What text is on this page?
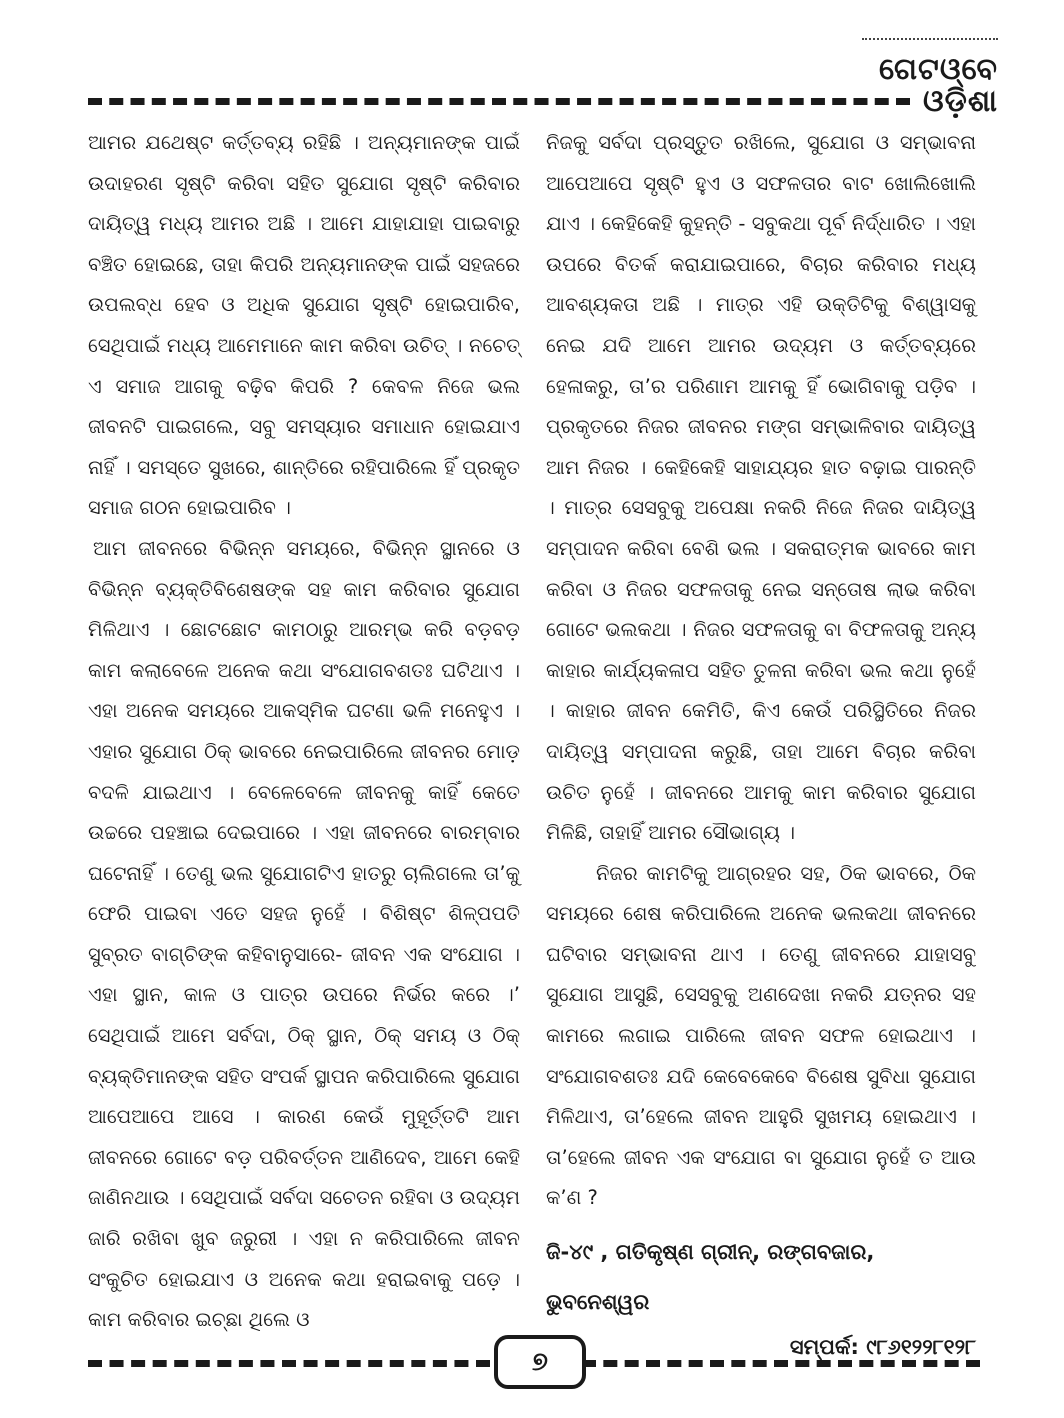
ଗେଟଓ୍ବେ
ଓଡ଼ିଶା

ଆମର ଯଥେଷ୍ଟ କର୍ତ୍ତବ୍ୟ ରହିଛି । ଅନ୍ୟମାନଙ୍କ ପାଇଁ ଉଦାହରଣ ସୃଷ୍ଟି କରିବା ସହିତ ସୁଯୋଗ ସୃଷ୍ଟି କରିବାର ଦାୟିତ୍ୱ ମଧ୍ୟ ଆମର ଅଛି । ଆମେ ଯାହାଯାହା ପାଇବାରୁ ବଞ୍ଚିତ ହୋଇଛେ, ତାହା କିପରି ଅନ୍ୟମାନଙ୍କ ପାଇଁ ସହଜରେ ଉପଲବ୍ଧ ହେବ ଓ ଅଧିକ ସୁଯୋଗ ସୃଷ୍ଟି ହୋଇପାରିବ, ସେଥିପାଇଁ ମଧ୍ୟ ଆମେମାନେ କାମ କରିବା ଉଚିତ୍ । ନଚେତ୍ ଏ ସମାଜ ଆଗକୁ ବଢ଼ିବ କିପରି ? କେବଳ ନିଜେ ଭଲ ଜୀବନଟି ପାଇଗଲେ, ସବୁ ସମସ୍ୟାର ସମାଧାନ ହୋଇଯାଏ ନାହିଁ । ସମସ୍ତେ ସୁଖରେ, ଶାନ୍ତିରେ ରହିପାରିଲେ ହିଁ ପ୍ରକୃତ ସମାଜ ଗଠନ ହୋଇପାରିବ ।

ଆମ ଜୀବନରେ ବିଭିନ୍ନ ସମୟରେ, ବିଭିନ୍ନ ସ୍ଥାନରେ ଓ ବିଭିନ୍ନ ବ୍ୟକ୍ତିବିଶେଷଙ୍କ ସହ କାମ କରିବାର ସୁଯୋଗ ମିଳିଥାଏ । ଛୋଟଛୋଟ କାମଠାରୁ ଆରମ୍ଭ କରି ବଡ଼ବଡ଼ କାମ କଲାବେଳେ ଅନେକ କଥା ସଂଯୋଗବଶତଃ ଘଟିଥାଏ । ଏହା ଅନେକ ସମୟରେ ଆକସ୍ମିକ ଘଟଣା ଭଳି ମନେହୁଏ । ଏହାର ସୁଯୋଗ ଠିକ୍ ଭାବରେ ନେଇପାରିଲେ ଜୀବନର ମୋଡ଼ ବଦଳି ଯାଇଥାଏ । ବେଳେବେଳେ ଜୀବନକୁ କାହିଁ କେତେ ଉଚ୍ଚରେ ପହଞ୍ଚାଇ ଦେଇପାରେ । ଏହା ଜୀବନରେ ବାରମ୍ବାର ଘଟେନାହିଁ । ତେଣୁ ଭଲ ସୁଯୋଗଟିଏ ହାତରୁ ଚାଲିଗଲେ ତା’କୁ ଫେରି ପାଇବା ଏତେ ସହଜ ନୁହେଁ । ବିଶିଷ୍ଟ ଶିଳ୍ପପତି ସୁବ୍ରତ ବାଗ୍‌ଚିଙ୍କ କହିବାନୁସାରେ- ଜୀବନ ଏକ ସଂଯୋଗ । ଏହା ସ୍ଥାନ, କାଳ ଓ ପାତ୍ର ଉପରେ ନିର୍ଭର କରେ ।’ ସେଥିପାଇଁ ଆମେ ସର୍ବଦା, ଠିକ୍ ସ୍ଥାନ, ଠିକ୍ ସମୟ ଓ ଠିକ୍ ବ୍ୟକ୍ତିମାନଙ୍କ ସହିତ ସଂପର୍କ ସ୍ଥାପନ କରିପାରିଲେ ସୁଯୋଗ ଆପେଆପେ ଆସେ । କାରଣ କେଉଁ ମୁହୂର୍ତ୍ତଟି ଆମ ଜୀବନରେ ଗୋଟେ ବଡ଼ ପରିବର୍ତ୍ତନ ଆଣିଦେବ, ଆମେ କେହି ଜାଣିନଥାଉ । ସେଥିପାଇଁ ସର୍ବଦା ସଚେତନ ରହିବା ଓ ଉଦ୍ୟମ ଜାରି ରଖିବା ଖୁବ ଜରୁରୀ । ଏହା ନ କରିପାରିଲେ ଜୀବନ ସଂକୁଚିତ ହୋଇଯାଏ ଓ ଅନେକ କଥା ହରାଇବାକୁ ପଡ଼େ । କାମ କରିବାର ଇଚ୍ଛା ଥିଲେ ଓ

ନିଜକୁ ସର୍ବଦା ପ୍ରସ୍ତୁତ ରଖିଲେ, ସୁଯୋଗ ଓ ସମ୍ଭାବନା ଆପେଆପେ ସୃଷ୍ଟି ହୁଏ ଓ ସଫଳତାର ବାଟ ଖୋଲିଖୋଲି ଯାଏ । କେହିକେହି କୁହନ୍ତି - ସବୁକଥା ପୂର୍ବ ନିର୍ଦ୍ଧାରିତ । ଏହା ଉପରେ ବିତର୍କ କରାଯାଇପାରେ, ବିଚାର କରିବାର ମଧ୍ୟ ଆବଶ୍ୟକତା ଅଛି । ମାତ୍ର ଏହି ଉକ୍ତିଟିକୁ ବିଶ୍ୱାସକୁ ନେଇ ଯଦି ଆମେ ଆମର ଉଦ୍ୟମ ଓ କର୍ତ୍ତବ୍ୟରେ ହେଳାକରୁ, ତା’ର ପରିଣାମ ଆମକୁ ହିଁ ଭୋଗିବାକୁ ପଡ଼ିବ । ପ୍ରକୃତରେ ନିଜର ଜୀବନର ମଙ୍ଗ ସମ୍ଭାଳିବାର ଦାୟିତ୍ୱ ଆମ ନିଜର । କେହିକେହି ସାହାଯ୍ୟର ହାତ ବଢ଼ାଇ ପାରନ୍ତି । ମାତ୍ର ସେସବୁକୁ ଅପେକ୍ଷା ନକରି ନିଜେ ନିଜର ଦାୟିତ୍ୱ ସମ୍ପାଦନ କରିବା ବେଶି ଭଲ । ସକରାତ୍ମକ ଭାବରେ କାମ କରିବା ଓ ନିଜର ସଫଳତାକୁ ନେଇ ସନ୍ତୋଷ ଲାଭ କରିବା ଗୋଟେ ଭଲକଥା । ନିଜର ସଫଳତାକୁ ବା ବିଫଳତାକୁ ଅନ୍ୟ କାହାର କାର୍ଯ୍ୟକଳାପ ସହିତ ତୁଳନା କରିବା ଭଲ କଥା ନୁହେଁ । କାହାର ଜୀବନ କେମିତି, କିଏ କେଉଁ ପରିସ୍ଥିତିରେ ନିଜର ଦାୟିତ୍ୱ ସମ୍ପାଦନା କରୁଛି, ତାହା ଆମେ ବିଚାର କରିବା ଉଚିତ ନୁହେଁ । ଜୀବନରେ ଆମକୁ କାମ କରିବାର ସୁଯୋଗ ମିଳିଛି, ତାହାହିଁ ଆମର ସୌଭାଗ୍ୟ ।

ନିଜର କାମଟିକୁ ଆଗ୍ରହର ସହ, ଠିକ ଭାବରେ, ଠିକ ସମୟରେ ଶେଷ କରିପାରିଲେ ଅନେକ ଭଲକଥା ଜୀବନରେ ଘଟିବାର ସମ୍ଭାବନା ଥାଏ । ତେଣୁ ଜୀବନରେ ଯାହାସବୁ ସୁଯୋଗ ଆସୁଛି, ସେସବୁକୁ ଅଣଦେଖା ନକରି ଯତ୍ନର ସହ କାମରେ ଲଗାଇ ପାରିଲେ ଜୀବନ ସଫଳ ହୋଇଥାଏ । ସଂଯୋଗବଶତଃ ଯଦି କେବେକେବେ ବିଶେଷ ସୁବିଧା ସୁଯୋଗ ମିଳିଥାଏ, ତା’ହେଲେ ଜୀବନ ଆହୁରି ସୁଖମୟ ହୋଇଥାଏ । ତା’ହେଲେ ଜୀବନ ଏକ ସଂଯୋଗ ବା ସୁଯୋଗ ନୁହେଁ ତ ଆଉ କ’ଣ ?

ଜି-୪୯ , ଗତିକୃଷ୍ଣ ଗ୍ରୀନ୍, ରଙ୍ଗବଜାର, ଭୁବନେଶ୍ୱର

ସମ୍ପର୍କ: ୯୮୬୧୨୨୮୧୨୮

୭
